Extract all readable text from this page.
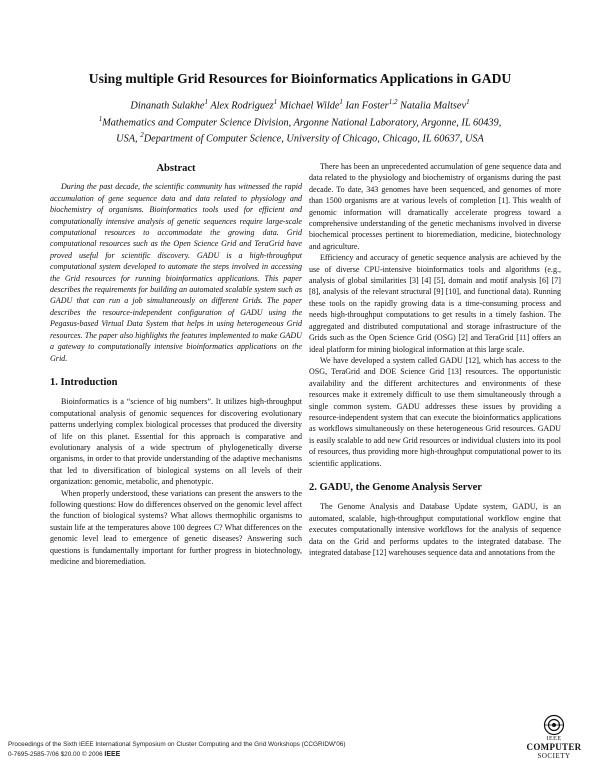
Using multiple Grid Resources for Bioinformatics Applications in GADU
Dinanath Sulakhe$^1$ Alex Rodriguez$^1$ Michael Wilde$^1$ Ian Foster$^{1,2}$ Natalia Maltsev$^1$
$^1$Mathematics and Computer Science Division, Argonne National Laboratory, Argonne, IL 60439,
USA, $^2$Department of Computer Science, University of Chicago, Chicago, IL 60637, USA
Abstract

During the past decade, the scientific community has witnessed the rapid accumulation of gene sequence data and data related to physiology and biochemistry of organisms. Bioinformatics tools used for efficient and computationally intensive analysis of genetic sequences require large-scale computational resources to accommodate the growing data. Grid computational resources such as the Open Science Grid and TeraGrid have proved useful for scientific discovery. GADU is a high-throughput computational system developed to automate the steps involved in accessing the Grid resources for running bioinformatics applications. This paper describes the requirements for building an automated scalable system such as GADU that can run a job simultaneously on different Grids. The paper describes the resource-independent configuration of GADU using the Pegasus-based Virtual Data System that helps in using heterogeneous Grid resources. The paper also highlights the features implemented to make GADU a gateway to computationally intensive bioinformatics applications on the Grid.

1. Introduction

Bioinformatics is a “science of big numbers”. It utilizes high-throughput computational analysis of genomic sequences for discovering evolutionary patterns underlying complex biological processes that produced the diversity of life on this planet. Essential for this approach is comparative and evolutionary analysis of a wide spectrum of phylogenetically diverse organisms, in order to that provide understanding of the adaptive mechanisms that led to diversification of biological systems on all levels of their organization: genomic, metabolic, and phenotypic.

When properly understood, these variations can present the answers to the following questions: How do differences observed on the genomic level affect the function of biological systems? What allows thermophilic organisms to sustain life at the temperatures above 100 degrees C? What differences on the genomic level lead to emergence of genetic diseases? Answering such questions is fundamentally important for further progress in biotechnology, medicine and bioremediation.

There has been an unprecedented accumulation of gene sequence data and data related to the physiology and biochemistry of organisms during the past decade. To date, 343 genomes have been sequenced, and genomes of more than 1500 organisms are at various levels of completion [1]. This wealth of genomic information will dramatically accelerate progress toward a comprehensive understanding of the genetic mechanisms involved in diverse biochemical processes pertinent to bioremediation, medicine, biotechnology and agriculture.

Efficiency and accuracy of genetic sequence analysis are achieved by the use of diverse CPU-intensive bioinformatics tools and algorithms (e.g., analysis of global similarities [3] [4] [5], domain and motif analysis [6] [7] [8], analysis of the relevant structural [9] [10], and functional data). Running these tools on the rapidly growing data is a time-consuming process and needs high-throughput computations to get results in a timely fashion. The aggregated and distributed computational and storage infrastructure of the Grids such as the Open Science Grid (OSG) [2] and TeraGrid [11] offers an ideal platform for mining biological information at this large scale.

We have developed a system called GADU [12], which has access to the OSG, TeraGrid and DOE Science Grid [13] resources. The opportunistic availability and the different architectures and environments of these resources make it extremely difficult to use them simultaneously through a single common system. GADU addresses these issues by providing a resource-independent system that can execute the bioinformatics applications as workflows simultaneously on these heterogeneous Grid resources. GADU is easily scalable to add new Grid resources or individual clusters into its pool of resources, thus providing more high-throughput computational power to its scientific applications.

2. GADU, the Genome Analysis Server

The Genome Analysis and Database Update system, GADU, is an automated, scalable, high-throughput computational workflow engine that executes computationally intensive workflows for the analysis of sequence data on the Grid and performs updates to the integrated database. The integrated database [12] warehouses sequence data and annotations from the

Proceedings of the Sixth IEEE International Symposium on Cluster Computing and the Grid Workshops (CCGRIDW'06)
0-7695-2585-7/06 $20.00 © 2006 IEEE
IEEE
COMPUTER
SOCIETY
